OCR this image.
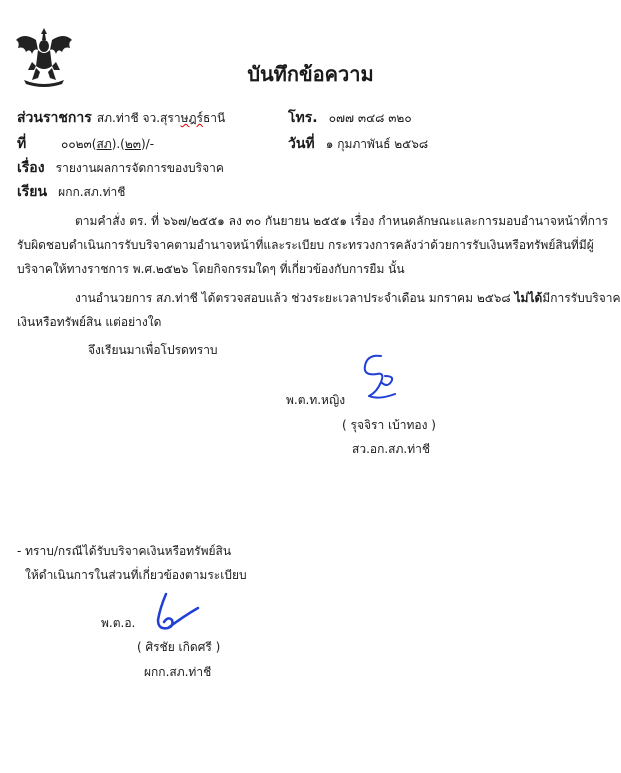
บันทึกข้อความ
ส่วนราชการ สภ.ท่าชี จว.สุราษฎร์ธานี	โทร. ๐๗๗ ๓๔๘ ๓๒๐
ที่	๐๐๒๓(สภ).(๒๓)/-	วันที่ ๑ กุมภาพันธ์ ๒๕๖๘
เรื่อง รายงานผลการจัดการของบริจาค
เรียน ผกก.สภ.ท่าชี
ตามคำสั่ง ตร. ที่ ๖๖๗/๒๕๕๑ ลง ๓๐ กันยายน ๒๕๕๑ เรื่อง กำหนดลักษณะและการมอบอำนาจหน้าที่การ
รับผิดชอบดำเนินการรับบริจาคตามอำนาจหน้าที่และระเบียบ กระทรวงการคลังว่าด้วยการรับเงินหรือทรัพย์สินที่มีผู้
บริจาคให้ทางราชการ พ.ศ.๒๕๒๖ โดยกิจกรรมใดๆ ที่เกี่ยวข้องกับการยืม นั้น
งานอำนวยการ สภ.ท่าชี ได้ตรวจสอบแล้ว ช่วงระยะเวลาประจำเดือน มกราคม ๒๕๖๘ ไม่ได้มีการรับบริจาค
เงินหรือทรัพย์สิน แต่อย่างใด
จึงเรียนมาเพื่อโปรดทราบ
พ.ต.ท.หญิง
( รุจจิรา เบ้าทอง )
สว.อก.สภ.ท่าชี
- ทราบ/กรณีได้รับบริจาคเงินหรือทรัพย์สิน
ให้ดำเนินการในส่วนที่เกี่ยวข้องตามระเบียบ
พ.ต.อ.
( ศิรชัย เกิดศรี )
ผกก.สภ.ท่าชี
